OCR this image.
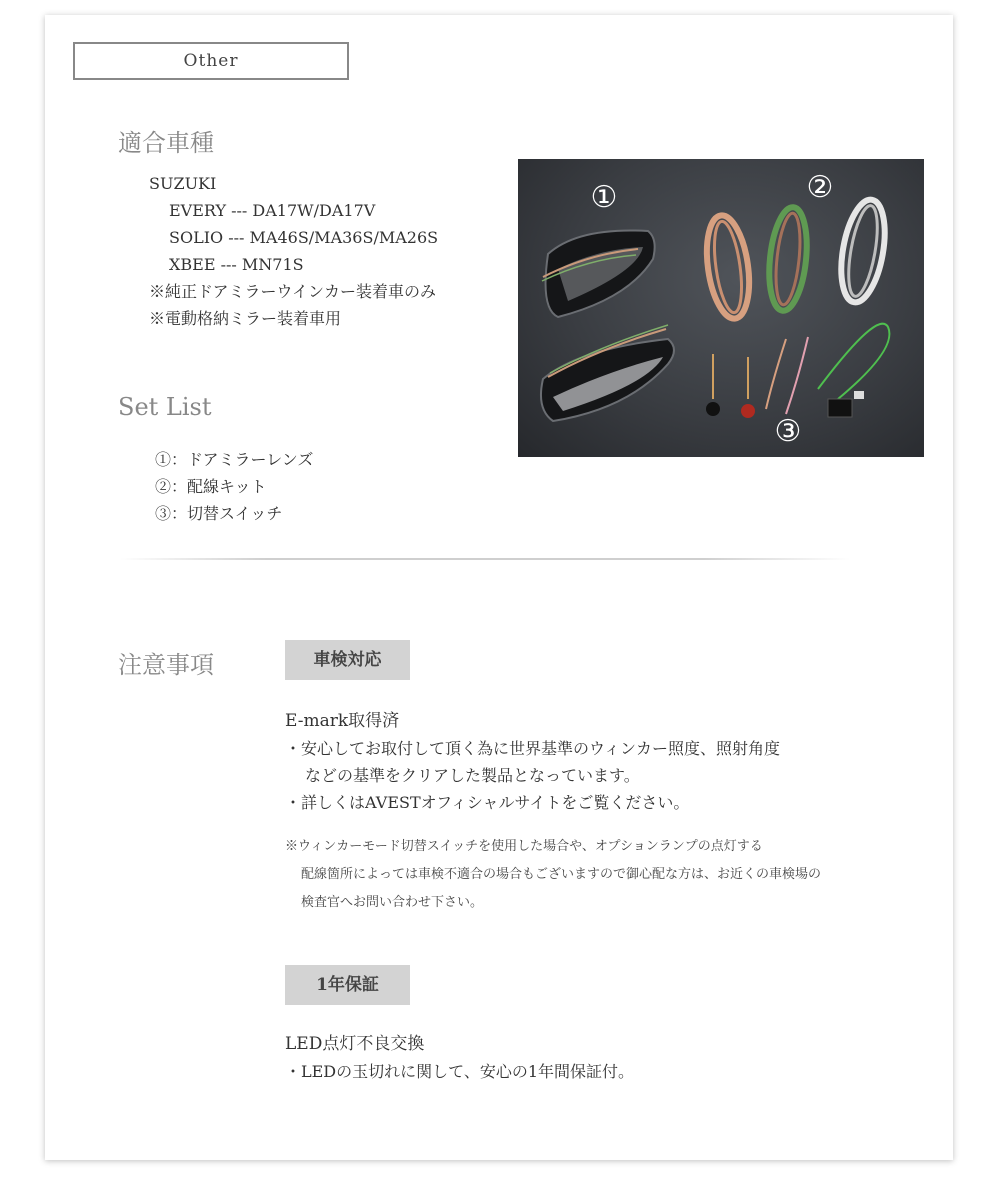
Other
適合車種
SUZUKI
EVERY --- DA17W/DA17V
SOLIO --- MA46S/MA36S/MA26S
XBEE --- MN71S
※純正ドアミラーウインカー装着車のみ
※電動格納ミラー装着車用
Set List
①：ドアミラーレンズ
②：配線キット
③：切替スイッチ
①	②
③
注意事項	車検対応
E-mark取得済
・安心してお取付して頂く為に世界基準のウィンカー照度、照射角度
などの基準をクリアした製品となっています。
・詳しくはAVESTオフィシャルサイトをご覧ください。
※ウィンカーモード切替スイッチを使用した場合や、オプションランプの点灯する
配線箇所によっては車検不適合の場合もございますので御心配な方は、お近くの車検場の
検査官へお問い合わせ下さい。
1年保証
LED点灯不良交換
・LEDの玉切れに関して、安心の1年間保証付。
